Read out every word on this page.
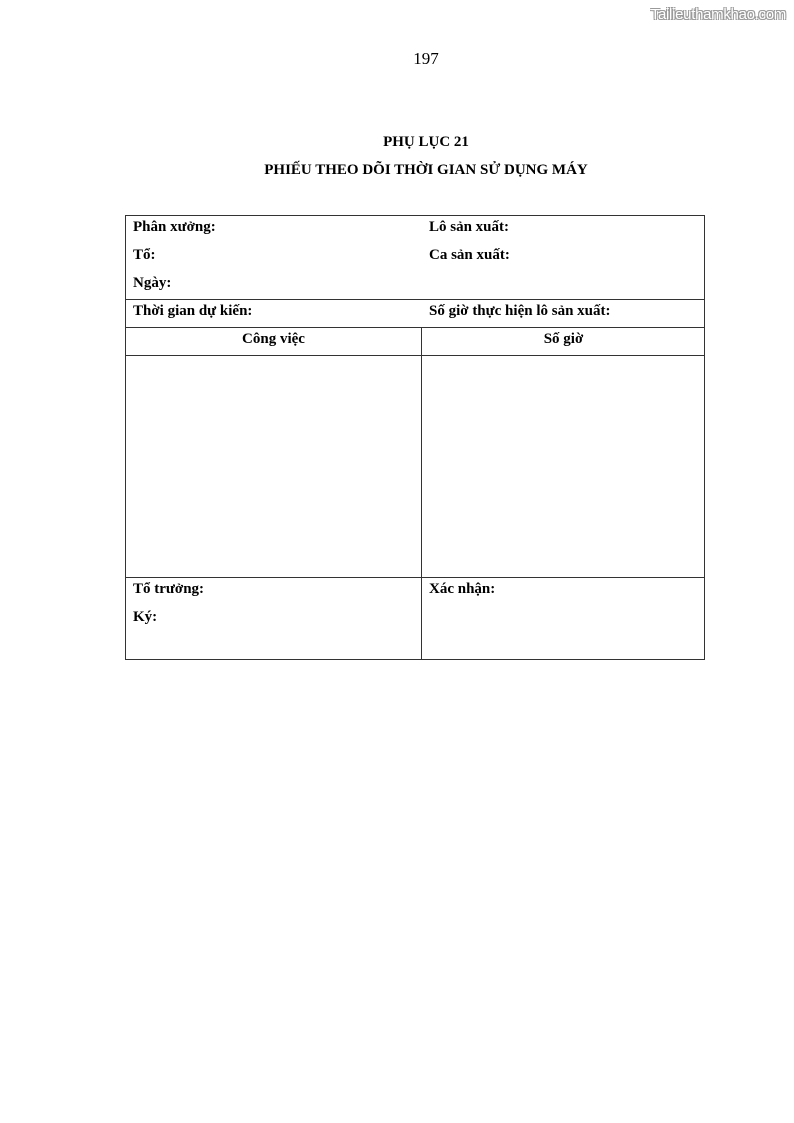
Tailieuthamkhao.com
197
PHỤ LỤC 21
PHIẾU THEO DÕI THỜI GIAN SỬ DỤNG MÁY
Phân xưởng:
Tổ:
Ngày:
Lô sản xuất:
Ca sản xuất:
Thời gian dự kiến:	Số giờ thực hiện lô sản xuất:
Công việc	Số giờ
Tổ trưởng:
Ký:
Xác nhận:
